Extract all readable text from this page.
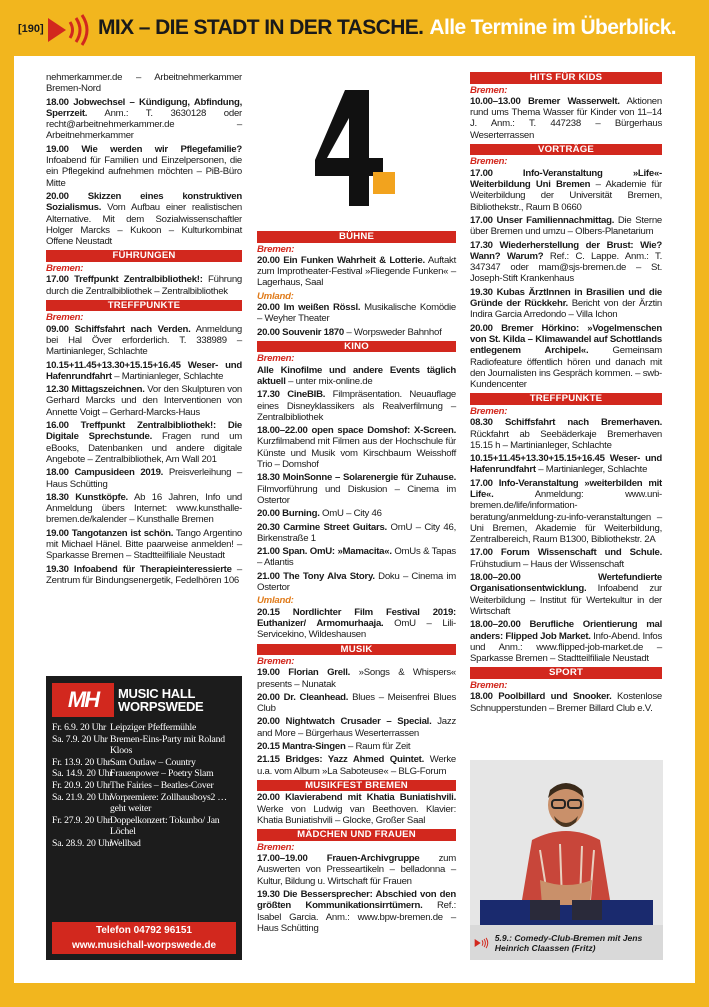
[190]	MIX – DIE STADT IN DER TASCHE. Alle Termine im Überblick.

nehmerkammer.de – Arbeitnehmerkammer Bremen-Nord

18.00 Jobwechsel – Kündigung, Abfindung, Sperrzeit. Anm.: T. 3630128 oder recht@arbeitnehmerkammer.de – Arbeitnehmerkammer

19.00 Wie werden wir Pflegefamilie? Infoabend für Familien und Einzelpersonen, die ein Pflegekind aufnehmen möchten – PiB-Büro Mitte

20.00 Skizzen eines konstruktiven Sozialismus. Vom Aufbau einer realistischen Alternative. Mit dem Sozialwissenschaftler Holger Marcks – Kukoon – Kulturkombinat Offene Neustadt

FÜHRUNGEN
Bremen:

17.00 Treffpunkt Zentralbibliothek!: Führung durch die Zentralbibliothek – Zentralbibliothek

TREFFPUNKTE
Bremen:

09.00 Schiffsfahrt nach Verden. Anmeldung bei Hal Över erforderlich. T. 338989 – Martinianleger, Schlachte

10.15+11.45+13.30+15.15+16.45 Weser- und Hafenrundfahrt – Martinianleger, Schlachte

12.30 Mittagszeichnen. Vor den Skulpturen von Gerhard Marcks und den Interventionen von Annette Voigt – Gerhard-Marcks-Haus

16.00 Treffpunkt Zentralbibliothek!: Die Digitale Sprechstunde. Fragen rund um eBooks, Datenbanken und andere digitale Angebote – Zentralbibliothek, Am Wall 201

18.00 Campusideen 2019. Preisverleihung – Haus Schütting

18.30 Kunstköpfe. Ab 16 Jahren, Info und Anmeldung übers Internet: www.kunsthalle-bremen.de/kalender – Kunsthalle Bremen

19.00 Tangotanzen ist schön. Tango Argentino mit Michael Hänel. Bitte paarweise anmelden! – Sparkasse Bremen – Stadtteilfiliale Neustadt

19.30 Infoabend für Therapieinteressierte – Zentrum für Bindungsenergetik, Fedelhören 106

MH	MUSIC HALL
WORPSWEDE
Fr. 6.9. 20 Uhr Leipziger Pfeffermühle
Sa. 7.9. 20 Uhr Bremen-Eins-Party mit Roland Kloos
Fr. 13.9. 20 Uhr Sam Outlaw – Country
Sa. 14.9. 20 Uhr
Frauenpower – Poetry Slam
Fr. 20.9. 20 Uhr The Fairies – Beatles-Cover
Sa. 21.9. 20 Uhr
Vorpremiere: Zollhausboys2 … geht weiter
Fr. 27.9. 20 Uhr Doppelkonzert: Tokunbo/ Jan Löchel
Sa. 28.9. 20 Uhr
Wellbad
Telefon 04792 96151
www.musichall-worpswede.de
MI
BÜHNE
Bremen:

20.00 Ein Funken Wahrheit & Lotterie. Auftakt zum Improtheater-Festival »Fliegende Funken« – Lagerhaus, Saal

Umland:

20.00 Im weißen Rössl. Musikalische Komödie – Weyher Theater

20.00 Souvenir 1870 – Worpsweder Bahnhof

KINO
Bremen:

Alle Kinofilme und andere Events täglich aktuell – unter mix-online.de

17.30 CineBIB. Filmpräsentation. Neuauflage eines Disneyklassikers als Realverfilmung – Zentralbibliothek

18.00–22.00 open space Domshof: X-Screen. Kurzfilmabend mit Filmen aus der Hochschule für Künste und Musik vom Kirschbaum Weisshoff Trio – Domshof

18.30 MoinSonne – Solarenergie für Zuhause. Filmvorführung und Diskusion – Cinema im Ostertor

20.00 Burning. OmU – City 46

20.30 Carmine Street Guitars. OmU – City 46, Birkenstraße 1

21.00 Span. OmU: »Mamacita«. OmUs & Tapas – Atlantis

21.00 The Tony Alva Story. Doku – Cinema im Ostertor

Umland:

20.15 Nordlichter Film Festival 2019: Euthanizer/ Armomurhaaja. OmU – Lili-Servicekino, Wildeshausen

MUSIK
Bremen:

19.00 Florian Grell. »Songs & Whispers« presents – Nunatak

20.00 Dr. Cleanhead. Blues – Meisenfrei Blues Club

20.00 Nightwatch Crusader – Special. Jazz and More – Bürgerhaus Weserterrassen

20.15 Mantra-Singen – Raum für Zeit

21.15 Bridges: Yazz Ahmed Quintet. Werke u.a. vom Album »La Saboteuse« – BLG-Forum

MUSIKFEST BREMEN

20.00 Klavierabend mit Khatia Buniatishvili. Werke von Ludwig van Beethoven. Klavier: Khatia Buniatishvili – Glocke, Großer Saal

MÄDCHEN UND FRAUEN
Bremen:

17.00–19.00 Frauen-Archivgruppe zum Auswerten von Presseartikeln – belladonna – Kultur, Bildung u. Wirtschaft für Frauen

19.30 Die Bessersprecher: Abschied von den größten Kommunikationsirrtümern. Ref.: Isabel Garcia. Anm.: www.bpw-bremen.de – Haus Schütting

HITS FÜR KIDS
Bremen:

10.00–13.00 Bremer Wasserwelt. Aktionen rund ums Thema Wasser für Kinder von 11–14 J. Anm.: T. 447238 – Bürgerhaus Weserterrassen

VORTRÄGE
Bremen:

17.00 Info-Veranstaltung »Life«-Weiterbildung Uni Bremen – Akademie für Weiterbildung der Universität Bremen, Bibliothekstr., Raum B 0660

17.00 Unser Familiennachmittag. Die Sterne über Bremen und umzu – Olbers-Planetarium

17.30 Wiederherstellung der Brust: Wie? Wann? Warum? Ref.: C. Lappe. Anm.: T. 347347 oder mam@sjs-bremen.de – St. Joseph-Stift Krankenhaus

19.30 Kubas ÄrztInnen in Brasilien und die Gründe der Rückkehr. Bericht von der Ärztin Indira Garcia Arredondo – Villa Ichon

20.00 Bremer Hörkino: »Vogelmenschen von St. Kilda – Klimawandel auf Schottlands entlegenem Archipel«. Gemeinsam Radiofeature öffentlich hören und danach mit den Journalisten ins Gespräch kommen. – swb-Kundencenter

TREFFPUNKTE
Bremen:

08.30 Schiffsfahrt nach Bremerhaven. Rückfahrt ab Seebäderkaje Bremerhaven 15.15 h – Martinianleger, Schlachte

10.15+11.45+13.30+15.15+16.45 Weser- und Hafenrundfahrt – Martinianleger, Schlachte

17.00 Info-Veranstaltung »weiterbilden mit Life«. Anmeldung: www.uni-bremen.de/life/information-beratung/anmeldung-zu-info-veranstaltungen – Uni Bremen, Akademie für Weiterbildung, Zentralbereich, Raum B1300, Bibliothekstr. 2A

17.00 Forum Wissenschaft und Schule. Frühstudium – Haus der Wissenschaft

18.00–20.00 Wertefundierte Organisationsentwicklung. Infoabend zur Weiterbildung – Institut für Wertekultur in der Wirtschaft

18.00–20.00 Berufliche Orientierung mal anders: Flipped Job Market. Info-Abend. Infos und Anm.: www.flipped-job-market.de – Sparkasse Bremen – Stadtteilfiliale Neustadt

SPORT
Bremen:

18.00 Poolbillard und Snooker. Kostenlose Schnupperstunden – Bremer Billard Club e.V.

5.9.: Comedy-Club-Bremen mit Jens Heinrich Claassen (Fritz)
